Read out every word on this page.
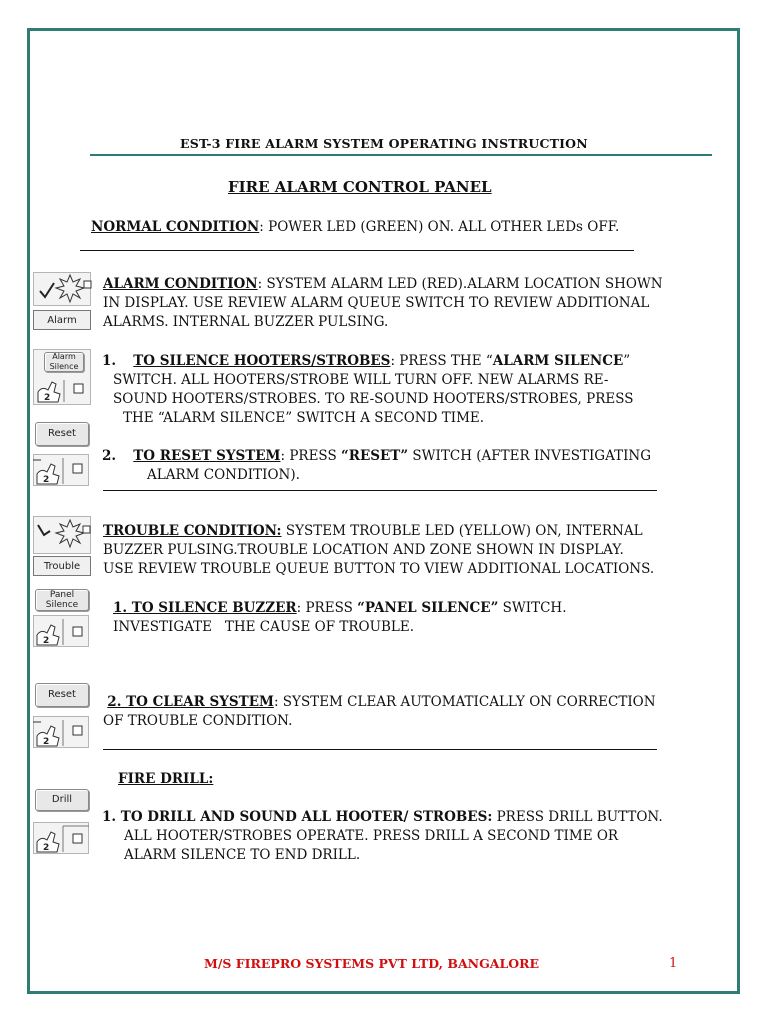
EST-3 FIRE ALARM SYSTEM OPERATING INSTRUCTION
FIRE ALARM CONTROL PANEL
NORMAL CONDITION: POWER LED (GREEN) ON. ALL OTHER LEDs OFF.
Alarm
ALARM CONDITION: SYSTEM ALARM LED (RED).ALARM LOCATION SHOWN
IN DISPLAY. USE REVIEW ALARM QUEUE SWITCH TO REVIEW ADDITIONAL
ALARMS. INTERNAL BUZZER PULSING.
Alarm
Silence
2
1. TO SILENCE HOOTERS/STROBES: PRESS THE “ALARM SILENCE”
SWITCH. ALL HOOTERS/STROBE WILL TURN OFF. NEW ALARMS RE-
SOUND HOOTERS/STROBES. TO RE-SOUND HOOTERS/STROBES, PRESS
THE “ALARM SILENCE” SWITCH A SECOND TIME.
Reset
2
2. TO RESET SYSTEM: PRESS “RESET” SWITCH (AFTER INVESTIGATING
ALARM CONDITION).
Trouble
TROUBLE CONDITION: SYSTEM TROUBLE LED (YELLOW) ON, INTERNAL
BUZZER PULSING.TROUBLE LOCATION AND ZONE SHOWN IN DISPLAY.
USE REVIEW TROUBLE QUEUE BUTTON TO VIEW ADDITIONAL LOCATIONS.
Panel
Silence
2
1. TO SILENCE BUZZER: PRESS “PANEL SILENCE” SWITCH.
INVESTIGATE   THE CAUSE OF TROUBLE.
Reset
2
2. TO CLEAR SYSTEM: SYSTEM CLEAR AUTOMATICALLY ON CORRECTION
OF TROUBLE CONDITION.
FIRE DRILL:
Drill
2
1. TO DRILL AND SOUND ALL HOOTER/ STROBES: PRESS DRILL BUTTON.
ALL HOOTER/STROBES OPERATE. PRESS DRILL A SECOND TIME OR
ALARM SILENCE TO END DRILL.
M/S FIREPRO SYSTEMS PVT LTD, BANGALORE	1
